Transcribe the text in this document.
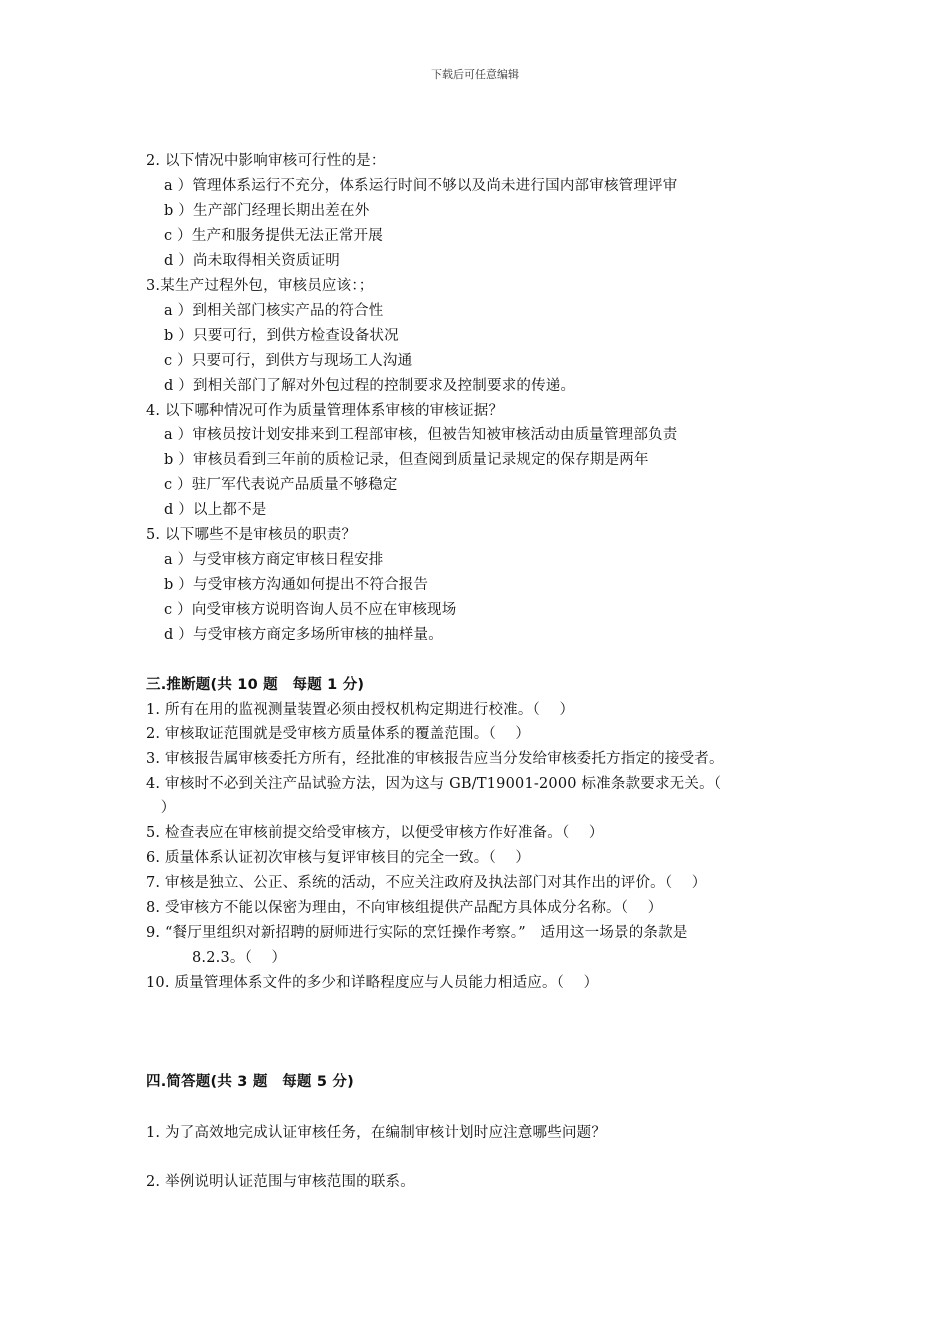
下载后可任意编辑
2. 以下情况中影响审核可行性的是：
a ）管理体系运行不充分，体系运行时间不够以及尚未进行国内部审核管理评审
b ）生产部门经理长期出差在外
c ）生产和服务提供无法正常开展
d ）尚未取得相关资质证明
3.某生产过程外包，审核员应该：；
a ）到相关部门核实产品的符合性
b ）只要可行，到供方检查设备状况
c ）只要可行，到供方与现场工人沟通
d ）到相关部门了解对外包过程的控制要求及控制要求的传递。
4. 以下哪种情况可作为质量管理体系审核的审核证据？
a ）审核员按计划安排来到工程部审核，但被告知被审核活动由质量管理部负责
b ）审核员看到三年前的质检记录，但查阅到质量记录规定的保存期是两年
c ）驻厂军代表说产品质量不够稳定
d ）以上都不是
5. 以下哪些不是审核员的职责？
a ）与受审核方商定审核日程安排
b ）与受审核方沟通如何提出不符合报告
c ）向受审核方说明咨询人员不应在审核现场
d ）与受审核方商定多场所审核的抽样量。
三.推断题(共 10 题　每题 1 分)
1. 所有在用的监视测量装置必须由授权机构定期进行校准。（　 ）
2. 审核取证范围就是受审核方质量体系的覆盖范围。（　 ）
3. 审核报告属审核委托方所有，经批准的审核报告应当分发给审核委托方指定的接受者。
4. 审核时不必到关注产品试验方法，因为这与 GB/T19001-2000 标准条款要求无关。（
　）
5. 检查表应在审核前提交给受审核方，以便受审核方作好准备。（　 ）
6. 质量体系认证初次审核与复评审核目的完全一致。（　 ）
7. 审核是独立、公正、系统的活动，不应关注政府及执法部门对其作出的评价。（　 ）
8. 受审核方不能以保密为理由，不向审核组提供产品配方具体成分名称。（　 ）
9. “餐厅里组织对新招聘的厨师进行实际的烹饪操作考察。”　适用这一场景的条款是
8.2.3。（　 ）
10. 质量管理体系文件的多少和详略程度应与人员能力相适应。（　 ）
四.简答题(共 3 题　每题 5 分)
1. 为了高效地完成认证审核任务，在编制审核计划时应注意哪些问题？
2. 举例说明认证范围与审核范围的联系。
